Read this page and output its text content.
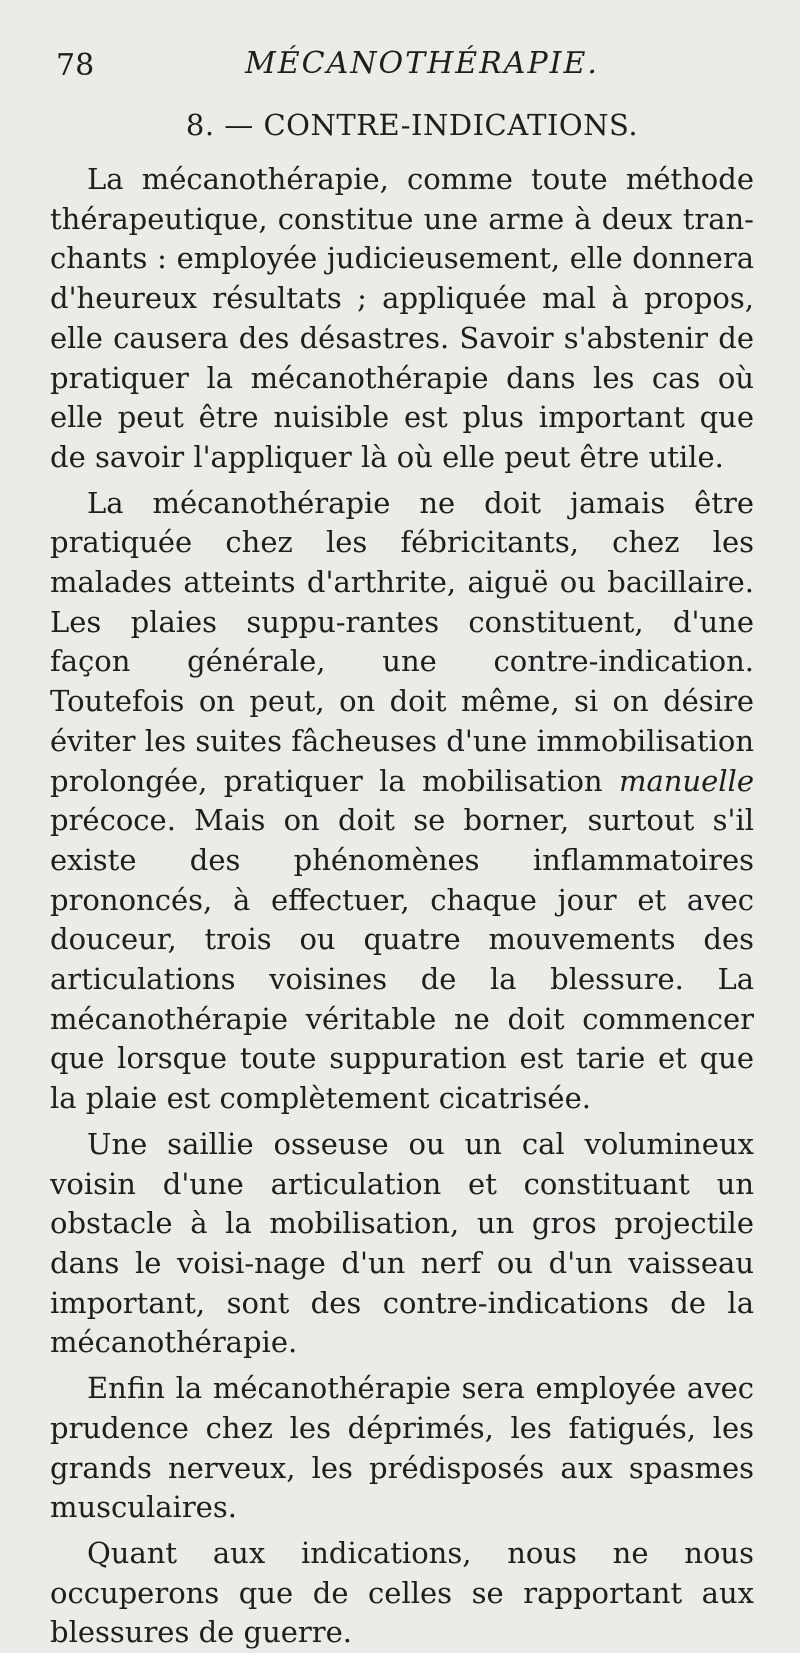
78	MÉCANOTHÉRAPIE.
8. — CONTRE-INDICATIONS.

La mécanothérapie, comme toute méthode thérapeutique, constitue une arme à deux tran-chants : employée judicieusement, elle donnera d'heureux résultats ; appliquée mal à propos, elle causera des désastres. Savoir s'abstenir de pratiquer la mécanothérapie dans les cas où elle peut être nuisible est plus important que de savoir l'appliquer là où elle peut être utile.

La mécanothérapie ne doit jamais être pratiquée chez les fébricitants, chez les malades atteints d'arthrite, aiguë ou bacillaire. Les plaies suppu-rantes constituent, d'une façon générale, une contre-indication. Toutefois on peut, on doit même, si on désire éviter les suites fâcheuses d'une immobilisation prolongée, pratiquer la mobilisation manuelle précoce. Mais on doit se borner, surtout s'il existe des phénomènes inflammatoires prononcés, à effectuer, chaque jour et avec douceur, trois ou quatre mouvements des articulations voisines de la blessure. La mécanothérapie véritable ne doit commencer que lorsque toute suppuration est tarie et que la plaie est complètement cicatrisée.

Une saillie osseuse ou un cal volumineux voisin d'une articulation et constituant un obstacle à la mobilisation, un gros projectile dans le voisi-nage d'un nerf ou d'un vaisseau important, sont des contre-indications de la mécanothérapie.

Enfin la mécanothérapie sera employée avec prudence chez les déprimés, les fatigués, les grands nerveux, les prédisposés aux spasmes musculaires.

Quant aux indications, nous ne nous occuperons que de celles se rapportant aux blessures de guerre.
